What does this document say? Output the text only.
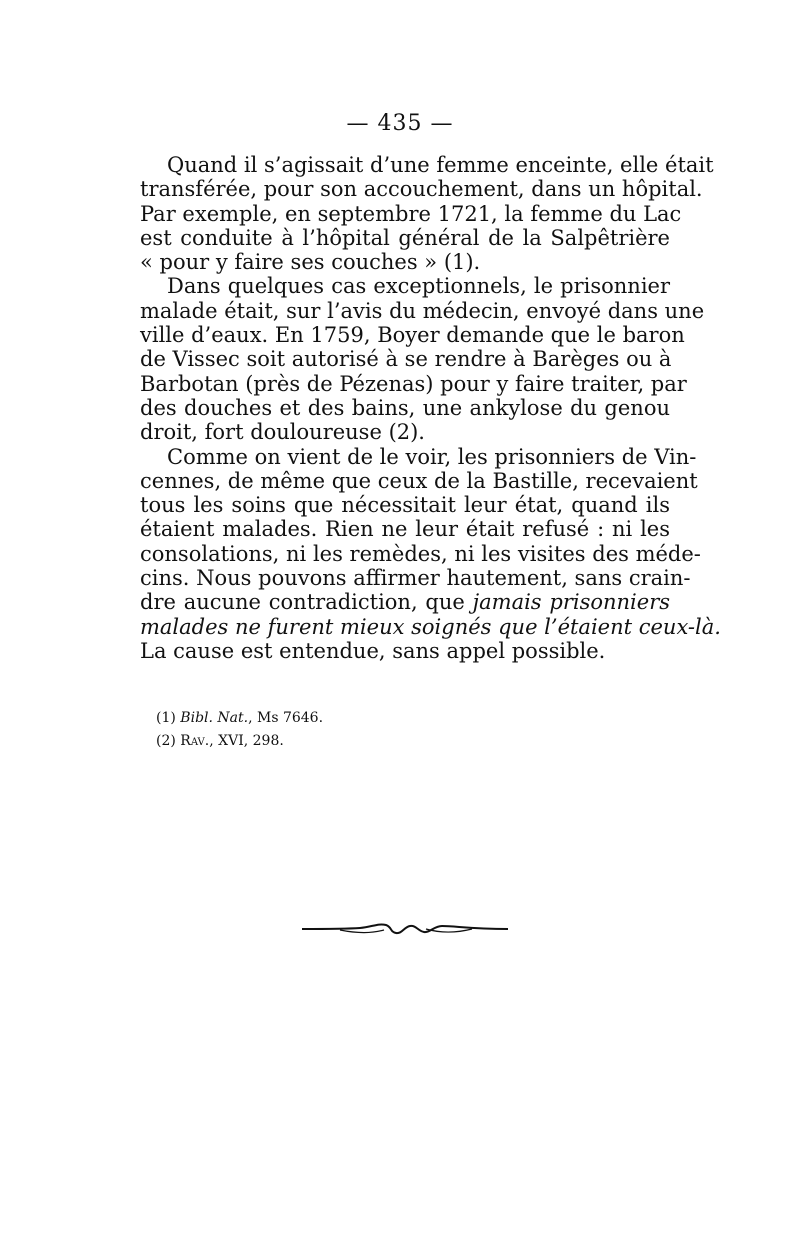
— 435 —
Quand il s’agissait d’une femme enceinte, elle était
transférée, pour son accouchement, dans un hôpital.
Par exemple, en septembre 1721, la femme du Lac
est conduite à l’hôpital général de la Salpêtrière
« pour y faire ses couches » (1).
Dans quelques cas exceptionnels, le prisonnier
malade était, sur l’avis du médecin, envoyé dans une
ville d’eaux. En 1759, Boyer demande que le baron
de Vissec soit autorisé à se rendre à Barèges ou à
Barbotan (près de Pézenas) pour y faire traiter, par
des douches et des bains, une ankylose du genou
droit, fort douloureuse (2).
Comme on vient de le voir, les prisonniers de Vin-
cennes, de même que ceux de la Bastille, recevaient
tous les soins que nécessitait leur état, quand ils
étaient malades. Rien ne leur était refusé : ni les
consolations, ni les remèdes, ni les visites des méde-
cins. Nous pouvons affirmer hautement, sans crain-
dre aucune contradiction, que jamais prisonniers
malades ne furent mieux soignés que l’étaient ceux-là.
La cause est entendue, sans appel possible.
(1) Bibl. Nat., Ms 7646.
(2) Rav., XVI, 298.
